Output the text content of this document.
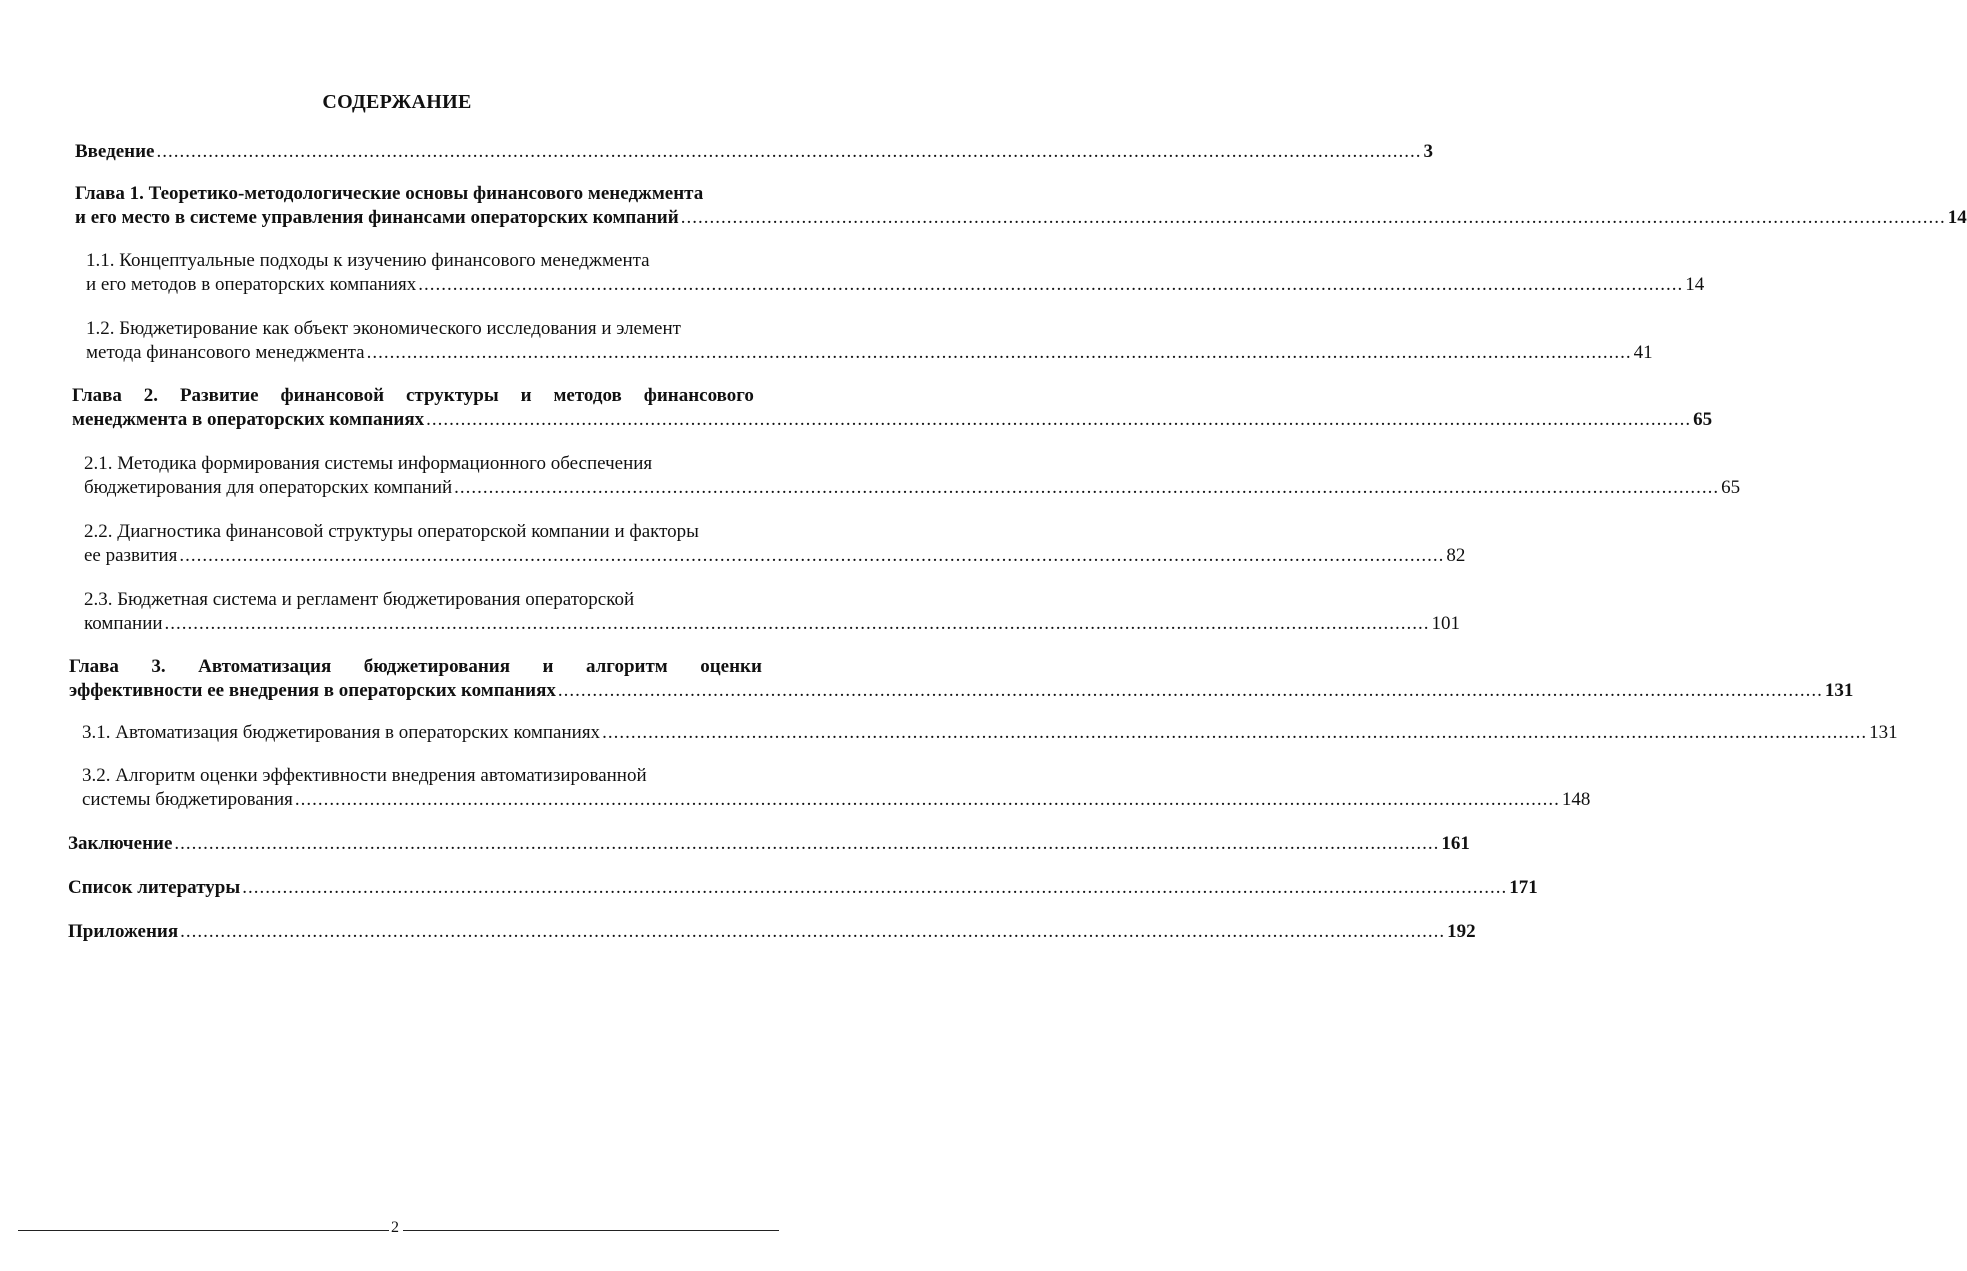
СОДЕРЖАНИЕ
Введение ............................................................................................................................................................................................................................ 3
Глава 1. Теоретико-методологические основы финансового менеджмента
и его место в системе управления финансами операторских компаний ............................................................................................................................................................................................................................ 14
1.1. Концептуальные подходы к изучению финансового менеджмента
и его методов в операторских компаниях ............................................................................................................................................................................................................................ 14
1.2. Бюджетирование как объект экономического исследования и элемент
метода финансового менеджмента ............................................................................................................................................................................................................................ 41
Глава 2. Развитие финансовой структуры и методов финансового
менеджмента в операторских компаниях ............................................................................................................................................................................................................................ 65
2.1. Методика формирования системы информационного обеспечения
бюджетирования для операторских компаний ............................................................................................................................................................................................................................ 65
2.2. Диагностика финансовой структуры операторской компании и факторы
ее развития ............................................................................................................................................................................................................................ 82
2.3. Бюджетная система и регламент бюджетирования операторской
компании ............................................................................................................................................................................................................................ 101
Глава 3. Автоматизация бюджетирования и алгоритм оценки
эффективности ее внедрения в операторских компаниях ............................................................................................................................................................................................................................ 131
3.1. Автоматизация бюджетирования в операторских компаниях ............................................................................................................................................................................................................................ 131
3.2. Алгоритм оценки эффективности внедрения автоматизированной
системы бюджетирования ............................................................................................................................................................................................................................ 148
Заключение ............................................................................................................................................................................................................................ 161
Список литературы ............................................................................................................................................................................................................................ 171
Приложения ............................................................................................................................................................................................................................ 192
2
